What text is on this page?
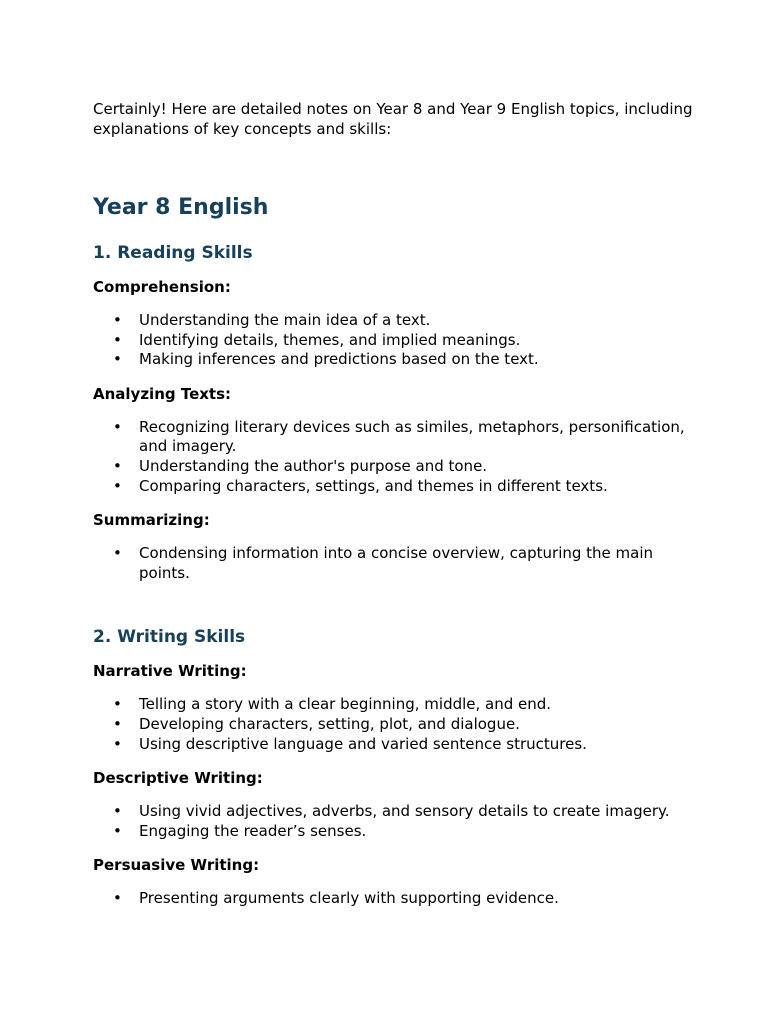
Certainly! Here are detailed notes on Year 8 and Year 9 English topics, including explanations of key concepts and skills:

Year 8 English
1. Reading Skills
Comprehension:
• Understanding the main idea of a text.
• Identifying details, themes, and implied meanings.
• Making inferences and predictions based on the text.
Analyzing Texts:
• Recognizing literary devices such as similes, metaphors, personification, and imagery.
• Understanding the author's purpose and tone.
• Comparing characters, settings, and themes in different texts.
Summarizing:
• Condensing information into a concise overview, capturing the main points.
2. Writing Skills
Narrative Writing:
• Telling a story with a clear beginning, middle, and end.
• Developing characters, setting, plot, and dialogue.
• Using descriptive language and varied sentence structures.
Descriptive Writing:
• Using vivid adjectives, adverbs, and sensory details to create imagery.
• Engaging the reader’s senses.
Persuasive Writing:
• Presenting arguments clearly with supporting evidence.
